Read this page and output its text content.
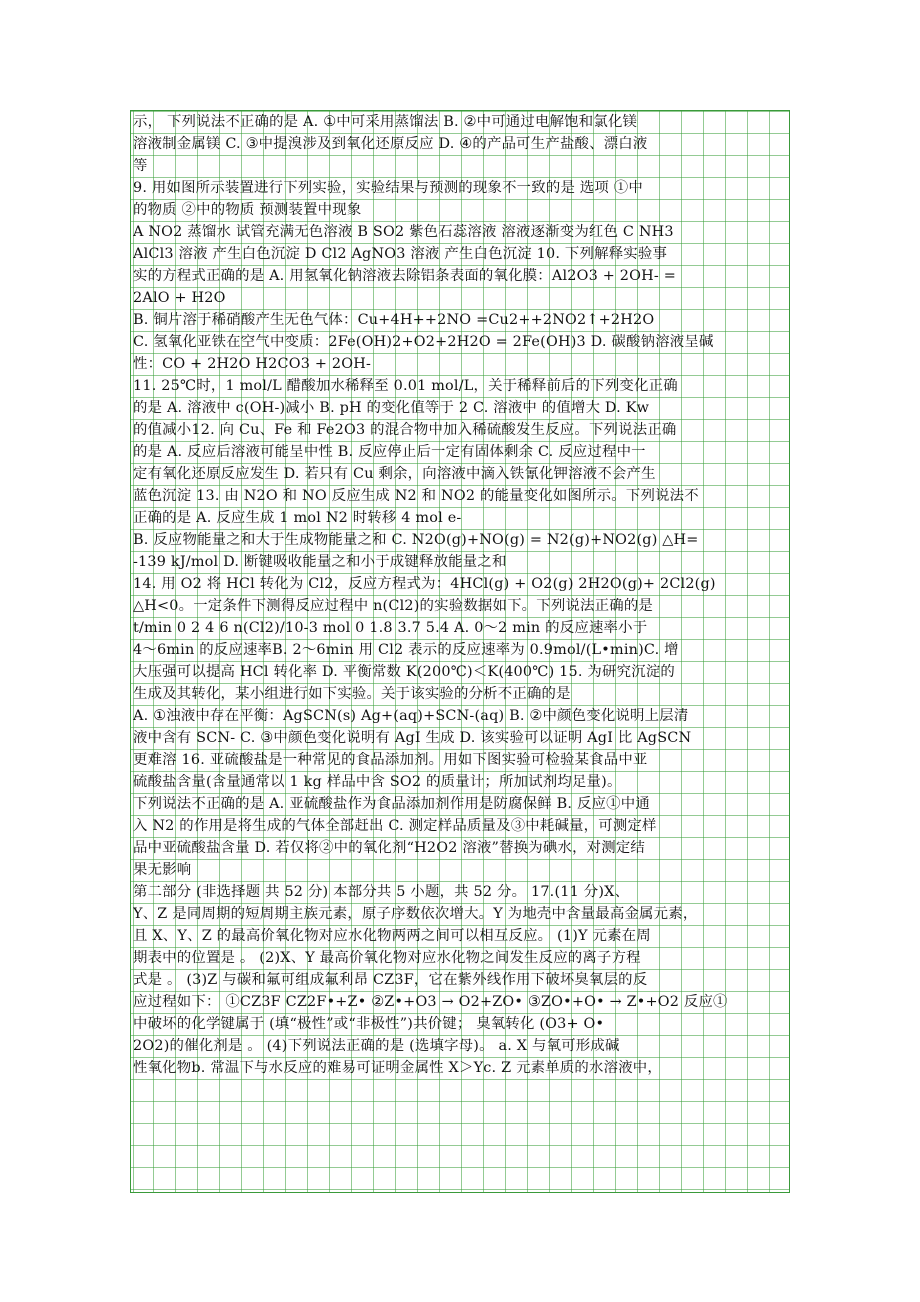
示， 下列说法不正确的是 A. ①中可采用蒸馏法 B. ②中可通过电解饱和氯化镁
溶液制金属镁 C. ③中提溴涉及到氧化还原反应 D. ④的产品可生产盐酸、漂白液
等
9. 用如图所示装置进行下列实验，实验结果与预测的现象不一致的是 选项 ①中
的物质 ②中的物质 预测装置中现象
A NO2 蒸馏水 试管充满无色溶液 B SO2 紫色石蕊溶液 溶液逐渐变为红色 C NH3
AlCl3 溶液 产生白色沉淀 D Cl2 AgNO3 溶液 产生白色沉淀 10. 下列解释实验事
实的方程式正确的是 A. 用氢氧化钠溶液去除铝条表面的氧化膜：Al2O3 + 2OH- =
2AlO + H2O
B. 铜片溶于稀硝酸产生无色气体：Cu+4H++2NO =Cu2++2NO2↑+2H2O
C. 氢氧化亚铁在空气中变质：2Fe(OH)2+O2+2H2O = 2Fe(OH)3 D. 碳酸钠溶液呈碱
性：CO + 2H2O H2CO3 + 2OH-
11. 25℃时，1 mol/L 醋酸加水稀释至 0.01 mol/L，关于稀释前后的下列变化正确
的是 A. 溶液中 c(OH-)减小 B. pH 的变化值等于 2 C. 溶液中 的值增大 D. Kw
的值减小12. 向 Cu、Fe 和 Fe2O3 的混合物中加入稀硫酸发生反应。下列说法正确
的是 A. 反应后溶液可能呈中性 B. 反应停止后一定有固体剩余 C. 反应过程中一
定有氧化还原反应发生 D. 若只有 Cu 剩余，向溶液中滴入铁氰化钾溶液不会产生
蓝色沉淀 13. 由 N2O 和 NO 反应生成 N2 和 NO2 的能量变化如图所示。下列说法不
正确的是 A. 反应生成 1 mol N2 时转移 4 mol e-
B. 反应物能量之和大于生成物能量之和 C. N2O(g)+NO(g) = N2(g)+NO2(g) △H=
-139 kJ/mol D. 断键吸收能量之和小于成键释放能量之和
14. 用 O2 将 HCl 转化为 Cl2，反应方程式为：4HCl(g) + O2(g) 2H2O(g)+ 2Cl2(g)
△H<0。一定条件下测得反应过程中 n(Cl2)的实验数据如下。下列说法正确的是
t/min 0 2 4 6 n(Cl2)/10-3 mol 0 1.8 3.7 5.4 A. 0～2 min 的反应速率小于
4～6min 的反应速率B. 2～6min 用 Cl2 表示的反应速率为 0.9mol/(L•min)C. 增
大压强可以提高 HCl 转化率 D. 平衡常数 K(200℃)＜K(400℃) 15. 为研究沉淀的
生成及其转化，某小组进行如下实验。关于该实验的分析不正确的是
A. ①浊液中存在平衡：AgSCN(s) Ag+(aq)+SCN-(aq) B. ②中颜色变化说明上层清
液中含有 SCN- C. ③中颜色变化说明有 AgI 生成 D. 该实验可以证明 AgI 比 AgSCN
更难溶 16. 亚硫酸盐是一种常见的食品添加剂。用如下图实验可检验某食品中亚
硫酸盐含量(含量通常以 1 kg 样品中含 SO2 的质量计；所加试剂均足量)。
下列说法不正确的是 A. 亚硫酸盐作为食品添加剂作用是防腐保鲜 B. 反应①中通
入 N2 的作用是将生成的气体全部赶出 C. 测定样品质量及③中耗碱量，可测定样
品中亚硫酸盐含量 D. 若仅将②中的氧化剂“H2O2 溶液”替换为碘水，对测定结
果无影响
第二部分 (非选择题 共 52 分) 本部分共 5 小题，共 52 分。 17.(11 分)X、
Y、Z 是同周期的短周期主族元素，原子序数依次增大。Y 为地壳中含量最高金属元素，
且 X、Y、Z 的最高价氧化物对应水化物两两之间可以相互反应。 (1)Y 元素在周
期表中的位置是 。 (2)X、Y 最高价氧化物对应水化物之间发生反应的离子方程
式是 。 (3)Z 与碳和氟可组成氟利昂 CZ3F，它在紫外线作用下破坏臭氧层的反
应过程如下： ①CZ3F CZ2F•+Z• ②Z•+O3 → O2+ZO• ③ZO•+O• → Z•+O2 反应①
中破坏的化学键属于 (填“极性”或“非极性”)共价键； 臭氧转化 (O3+ O•
2O2)的催化剂是 。 (4)下列说法正确的是 (选填字母)。 a. X 与氧可形成碱
性氧化物b. 常温下与水反应的难易可证明金属性 X＞Yc. Z 元素单质的水溶液中，
